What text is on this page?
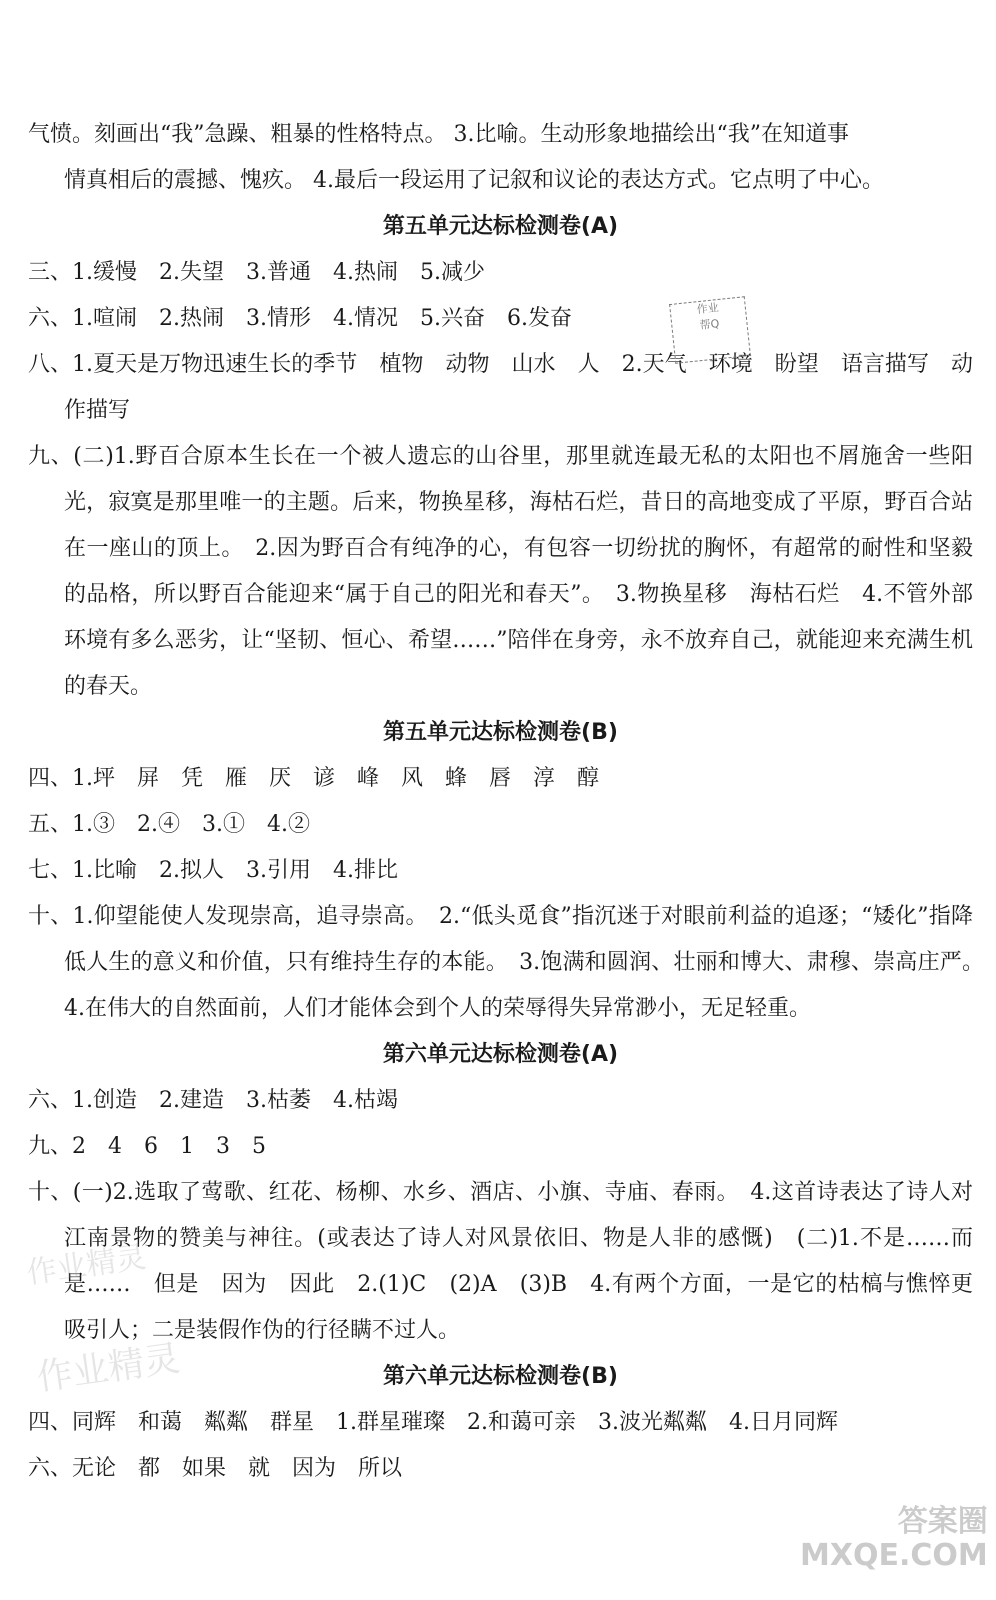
气愤。刻画出“我”急躁、粗暴的性格特点。 3.比喻。生动形象地描绘出“我”在知道事

情真相后的震撼、愧疚。 4.最后一段运用了记叙和议论的表达方式。它点明了中心。

第五单元达标检测卷(A)

三、1.缓慢　2.失望　3.普通　4.热闹　5.减少

六、1.喧闹　2.热闹　3.情形　4.情况　5.兴奋　6.发奋

八、1.夏天是万物迅速生长的季节　植物　动物　山水　人　2.天气　环境　盼望　语言描写　动作描写

九、(二)1.野百合原本生长在一个被人遗忘的山谷里，那里就连最无私的太阳也不屑施舍一些阳光，寂寞是那里唯一的主题。后来，物换星移，海枯石烂，昔日的高地变成了平原，野百合站在一座山的顶上。　2.因为野百合有纯净的心，有包容一切纷扰的胸怀，有超常的耐性和坚毅的品格，所以野百合能迎来“属于自己的阳光和春天”。　3.物换星移　海枯石烂　4.不管外部环境有多么恶劣，让“坚韧、恒心、希望……”陪伴在身旁，永不放弃自己，就能迎来充满生机的春天。

第五单元达标检测卷(B)

四、1.坪　屏　凭　雁　厌　谚　峰　风　蜂　唇　淳　醇

五、1.③　2.④　3.①　4.②

七、1.比喻　2.拟人　3.引用　4.排比

十、1.仰望能使人发现崇高，追寻崇高。　2.“低头觅食”指沉迷于对眼前利益的追逐；“矮化”指降低人生的意义和价值，只有维持生存的本能。　3.饱满和圆润、壮丽和博大、肃穆、崇高庄严。　4.在伟大的自然面前，人们才能体会到个人的荣辱得失异常渺小，无足轻重。

第六单元达标检测卷(A)

六、1.创造　2.建造　3.枯萎　4.枯竭

九、2　4　6　1　3　5

十、(一)2.选取了莺歌、红花、杨柳、水乡、酒店、小旗、寺庙、春雨。　4.这首诗表达了诗人对江南景物的赞美与神往。(或表达了诗人对风景依旧、物是人非的感慨)　(二)1.不是……而是……　但是　因为　因此　2.(1)C　(2)A　(3)B　4.有两个方面，一是它的枯槁与憔悴更吸引人；二是装假作伪的行径瞒不过人。

第六单元达标检测卷(B)

四、同辉　和蔼　粼粼　群星　1.群星璀璨　2.和蔼可亲　3.波光粼粼　4.日月同辉

六、无论　都　如果　就　因为　所以

作业
帮Q
作业精灵
作业精灵
答案圈
MXQE.COM
